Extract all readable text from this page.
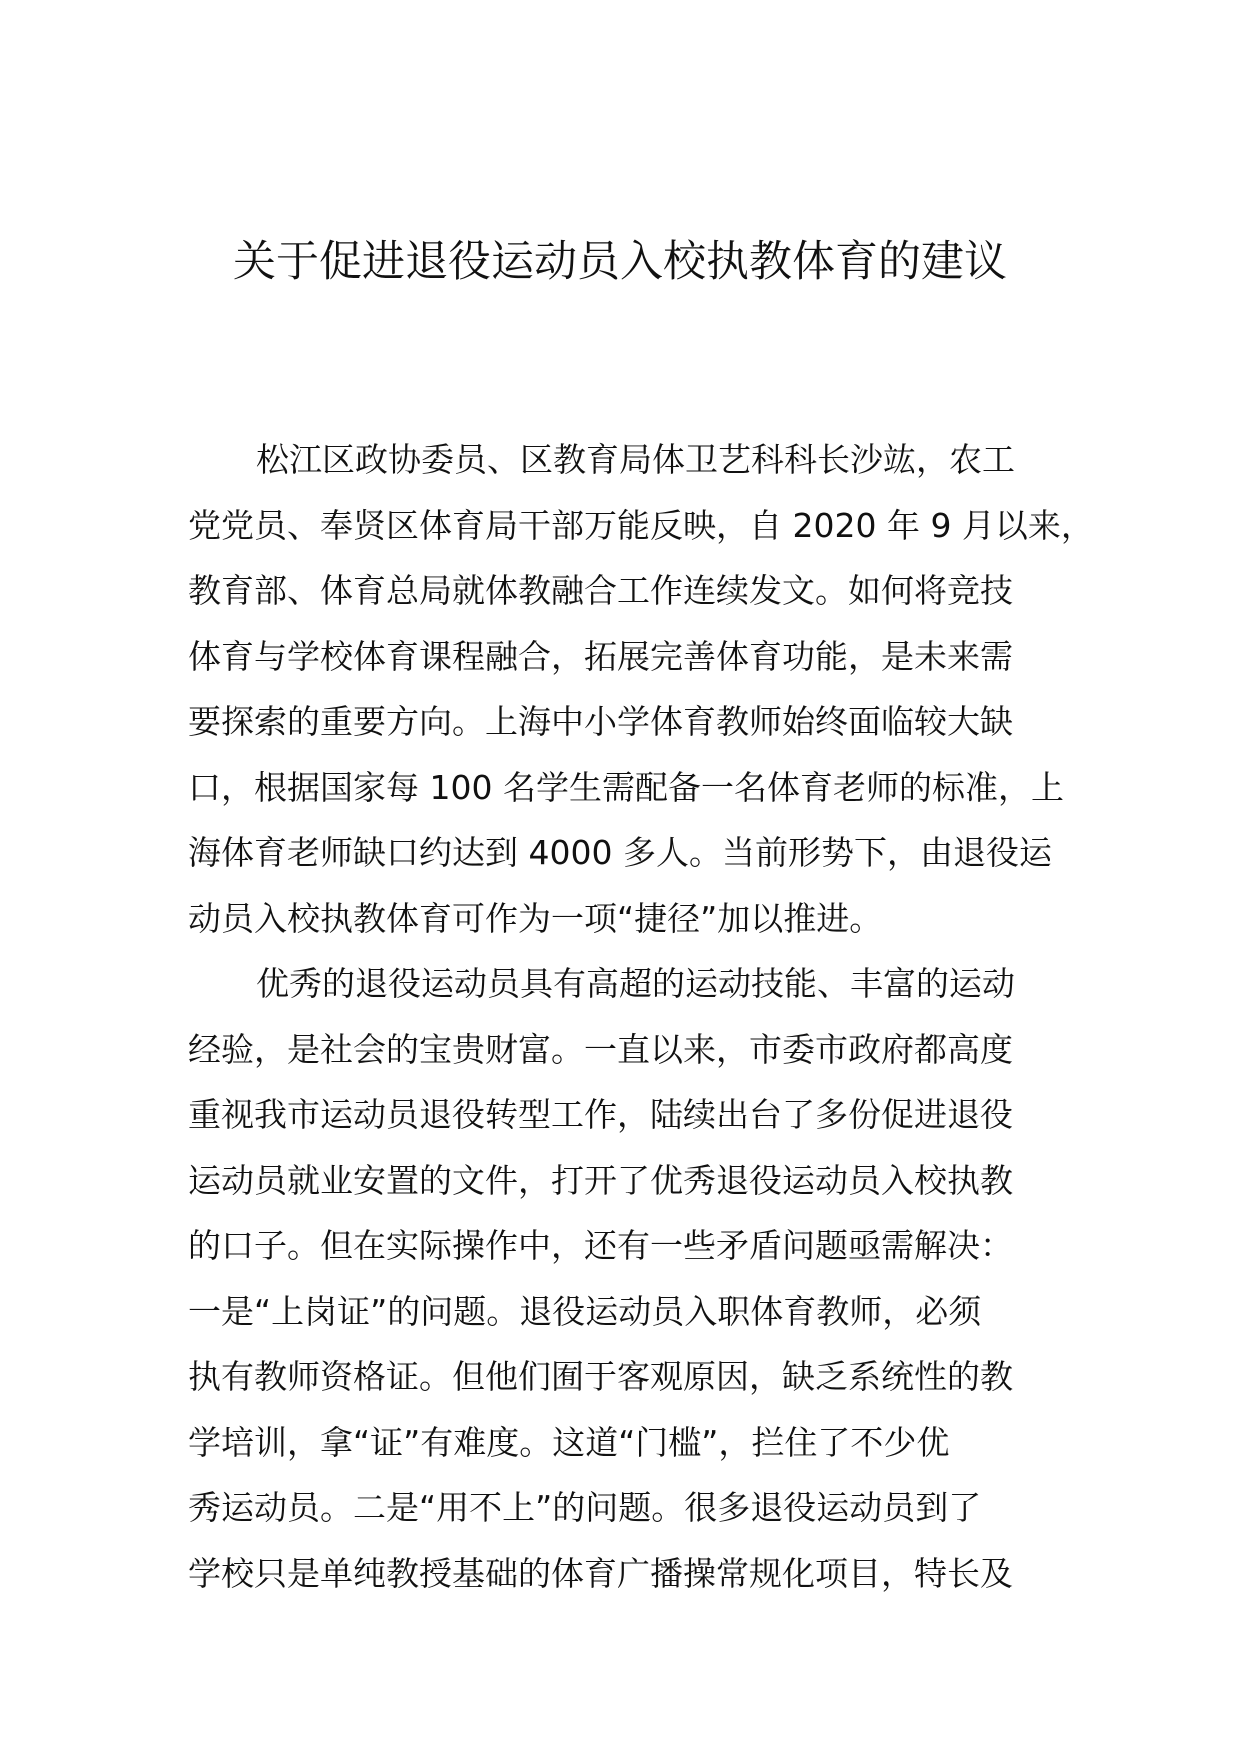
关于促进退役运动员入校执教体育的建议
松江区政协委员、区教育局体卫艺科科长沙竑，农工
党党员、奉贤区体育局干部万能反映，自 2020 年 9 月以来，
教育部、体育总局就体教融合工作连续发文。如何将竞技
体育与学校体育课程融合，拓展完善体育功能，是未来需
要探索的重要方向。上海中小学体育教师始终面临较大缺
口，根据国家每 100 名学生需配备一名体育老师的标准，上
海体育老师缺口约达到 4000 多人。当前形势下，由退役运
动员入校执教体育可作为一项“捷径”加以推进。
优秀的退役运动员具有高超的运动技能、丰富的运动
经验，是社会的宝贵财富。一直以来，市委市政府都高度
重视我市运动员退役转型工作，陆续出台了多份促进退役
运动员就业安置的文件，打开了优秀退役运动员入校执教
的口子。但在实际操作中，还有一些矛盾问题亟需解决：
一是“上岗证”的问题。退役运动员入职体育教师，必须
执有教师资格证。但他们囿于客观原因，缺乏系统性的教
学培训，拿“证”有难度。这道“门槛”，拦住了不少优
秀运动员。二是“用不上”的问题。很多退役运动员到了
学校只是单纯教授基础的体育广播操常规化项目，特长及
